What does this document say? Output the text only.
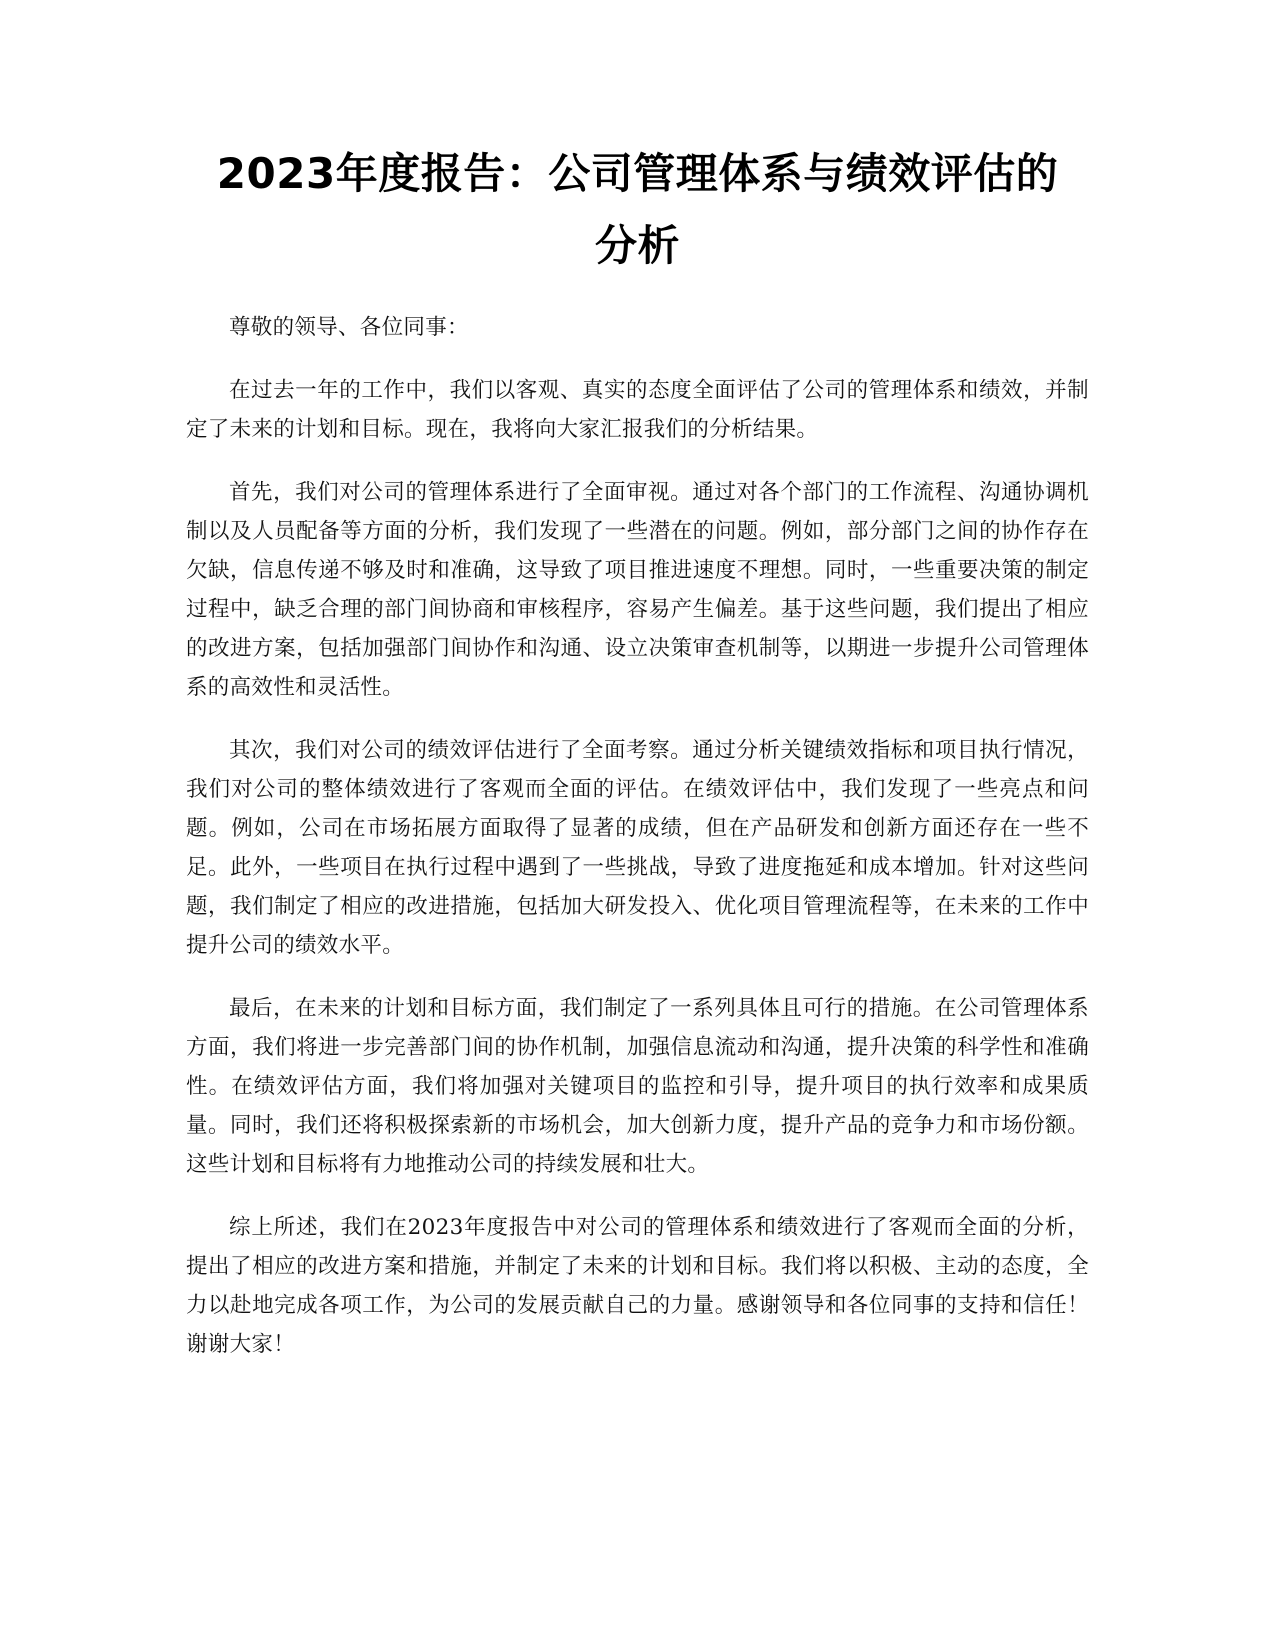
2023年度报告：公司管理体系与绩效评估的
分析

尊敬的领导、各位同事：

在过去一年的工作中，我们以客观、真实的态度全面评估了公司的管理体系和绩效，并制定了未来的计划和目标。现在，我将向大家汇报我们的分析结果。

首先，我们对公司的管理体系进行了全面审视。通过对各个部门的工作流程、沟通协调机制以及人员配备等方面的分析，我们发现了一些潜在的问题。例如，部分部门之间的协作存在欠缺，信息传递不够及时和准确，这导致了项目推进速度不理想。同时，一些重要决策的制定过程中，缺乏合理的部门间协商和审核程序，容易产生偏差。基于这些问题，我们提出了相应的改进方案，包括加强部门间协作和沟通、设立决策审查机制等，以期进一步提升公司管理体系的高效性和灵活性。

其次，我们对公司的绩效评估进行了全面考察。通过分析关键绩效指标和项目执行情况，我们对公司的整体绩效进行了客观而全面的评估。在绩效评估中，我们发现了一些亮点和问题。例如，公司在市场拓展方面取得了显著的成绩，但在产品研发和创新方面还存在一些不足。此外，一些项目在执行过程中遇到了一些挑战，导致了进度拖延和成本增加。针对这些问题，我们制定了相应的改进措施，包括加大研发投入、优化项目管理流程等，在未来的工作中提升公司的绩效水平。

最后，在未来的计划和目标方面，我们制定了一系列具体且可行的措施。在公司管理体系方面，我们将进一步完善部门间的协作机制，加强信息流动和沟通，提升决策的科学性和准确性。在绩效评估方面，我们将加强对关键项目的监控和引导，提升项目的执行效率和成果质量。同时，我们还将积极探索新的市场机会，加大创新力度，提升产品的竞争力和市场份额。这些计划和目标将有力地推动公司的持续发展和壮大。

综上所述，我们在2023年度报告中对公司的管理体系和绩效进行了客观而全面的分析，提出了相应的改进方案和措施，并制定了未来的计划和目标。我们将以积极、主动的态度，全力以赴地完成各项工作，为公司的发展贡献自己的力量。感谢领导和各位同事的支持和信任！谢谢大家！
